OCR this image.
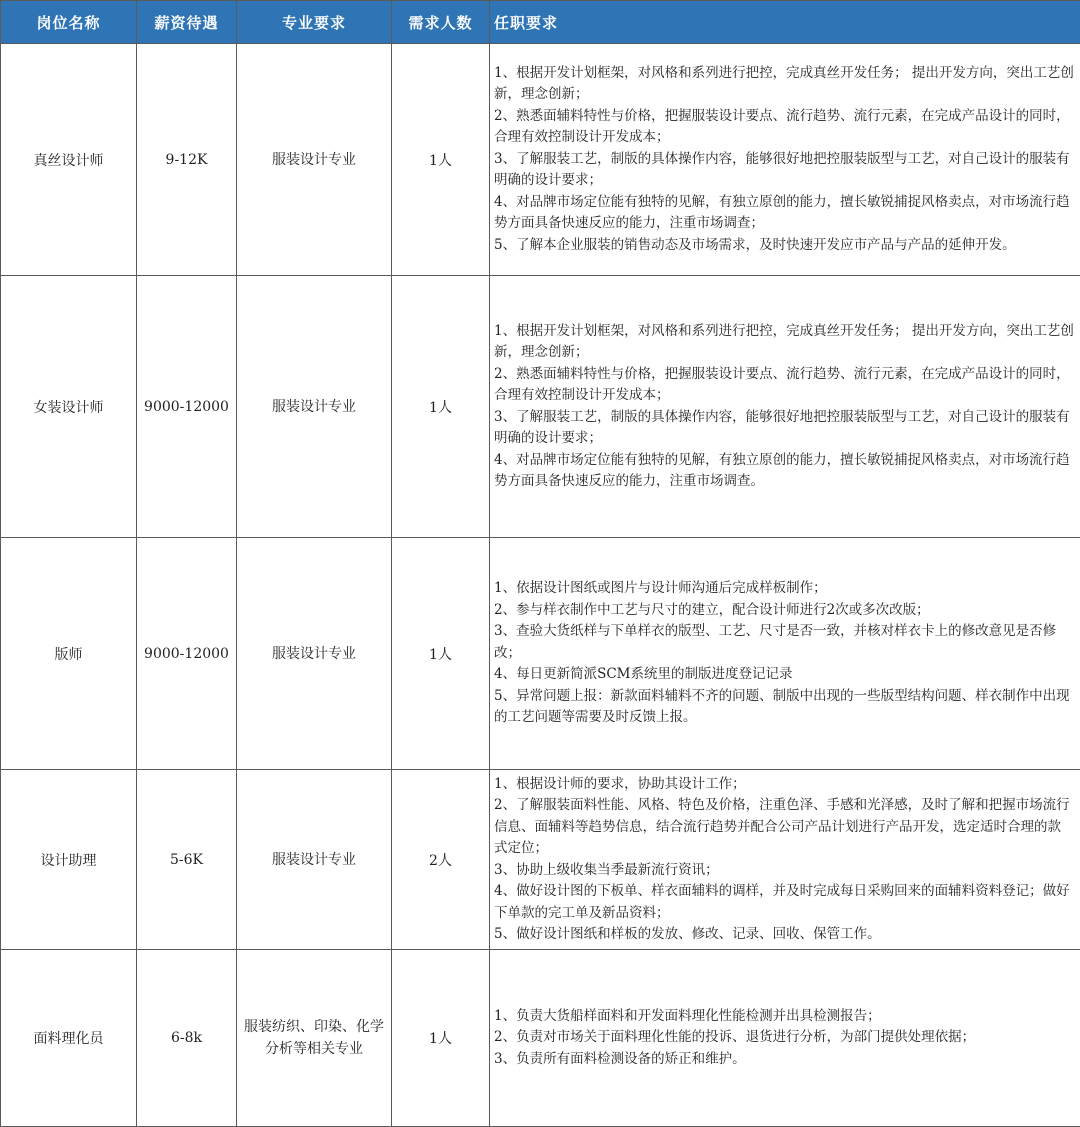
岗位名称	薪资待遇	专业要求	需求人数	任职要求
真丝设计师	9-12K	服装设计专业	1人	1、根据开发计划框架，对风格和系列进行把控，完成真丝开发任务； 提出开发方向，突出工艺创新，理念创新；
2、熟悉面辅料特性与价格，把握服装设计要点、流行趋势、流行元素，在完成产品设计的同时，合理有效控制设计开发成本；
3、了解服装工艺，制版的具体操作内容，能够很好地把控服装版型与工艺，对自己设计的服装有明确的设计要求；
4、对品牌市场定位能有独特的见解，有独立原创的能力，擅长敏锐捕捉风格卖点，对市场流行趋势方面具备快速反应的能力，注重市场调查；
5、了解本企业服装的销售动态及市场需求，及时快速开发应市产品与产品的延伸开发。

女装设计师	9000-12000	服装设计专业	1人	1、根据开发计划框架，对风格和系列进行把控，完成真丝开发任务； 提出开发方向，突出工艺创新，理念创新；
2、熟悉面辅料特性与价格，把握服装设计要点、流行趋势、流行元素，在完成产品设计的同时，合理有效控制设计开发成本；
3、了解服装工艺，制版的具体操作内容，能够很好地把控服装版型与工艺，对自己设计的服装有明确的设计要求；
4、对品牌市场定位能有独特的见解，有独立原创的能力，擅长敏锐捕捉风格卖点，对市场流行趋势方面具备快速反应的能力，注重市场调查。

版师	9000-12000	服装设计专业	1人	1、依据设计图纸或图片与设计师沟通后完成样板制作；
2、参与样衣制作中工艺与尺寸的建立，配合设计师进行2次或多次改版；
3、查验大货纸样与下单样衣的版型、工艺、尺寸是否一致，并核对样衣卡上的修改意见是否修改；
4、每日更新简派SCM系统里的制版进度登记记录
5、异常问题上报：新款面料辅料不齐的问题、制版中出现的一些版型结构问题、样衣制作中出现的工艺问题等需要及时反馈上报。

设计助理	5-6K	服装设计专业	2人	1、根据设计师的要求，协助其设计工作；
2、了解服装面料性能、风格、特色及价格，注重色泽、手感和光泽感，及时了解和把握市场流行信息、面辅料等趋势信息，结合流行趋势并配合公司产品计划进行产品开发，选定适时合理的款式定位；
3、协助上级收集当季最新流行资讯；
4、做好设计图的下板单、样衣面辅料的调样，并及时完成每日采购回来的面辅料资料登记；做好下单款的完工单及新品资料；
5、做好设计图纸和样板的发放、修改、记录、回收、保管工作。

面料理化员	6-8k	服装纺织、印染、化学分析等相关专业	1人	1、负责大货船样面料和开发面料理化性能检测并出具检测报告；
2、负责对市场关于面料理化性能的投诉、退货进行分析，为部门提供处理依据；
3、负责所有面料检测设备的矫正和维护。
